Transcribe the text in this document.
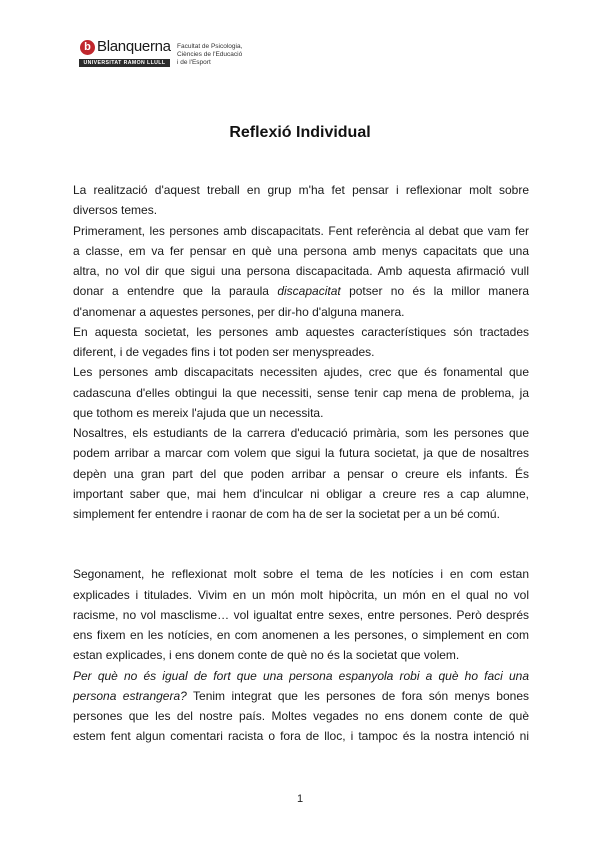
b Blanquerna
UNIVERSITAT RAMON LLULL
Facultat de Psicologia,
Ciències de l'Educació
i de l'Esport
Reflexió Individual

La realització d'aquest treball en grup m'ha fet pensar i reflexionar molt sobre
diversos temes.
Primerament, les persones amb discapacitats. Fent referència al debat que vam fer
a classe, em va fer pensar en què una persona amb menys capacitats que una
altra, no vol dir que sigui una persona discapacitada. Amb aquesta afirmació vull
donar a entendre que la paraula discapacitat potser no és la millor manera
d'anomenar a aquestes persones, per dir-ho d'alguna manera.
En aquesta societat, les persones amb aquestes característiques són tractades
diferent, i de vegades fins i tot poden ser menyspreades.
Les persones amb discapacitats necessiten ajudes, crec que és fonamental que
cadascuna d'elles obtingui la que necessiti, sense tenir cap mena de problema, ja
que tothom es mereix l'ajuda que un necessita.
Nosaltres, els estudiants de la carrera d'educació primària, som les persones que
podem arribar a marcar com volem que sigui la futura societat, ja que de nosaltres
depèn una gran part del que poden arribar a pensar o creure els infants. És
important saber que, mai hem d'inculcar ni obligar a creure res a cap alumne,
simplement fer entendre i raonar de com ha de ser la societat per a un bé comú.

Segonament, he reflexionat molt sobre el tema de les notícies i en com estan
explicades i titulades. Vivim en un món molt hipòcrita, un món en el qual no vol
racisme, no vol masclisme… vol igualtat entre sexes, entre persones. Però després
ens fixem en les notícies, en com anomenen a les persones, o simplement en com
estan explicades, i ens donem conte de què no és la societat que volem.
Per què no és igual de fort que una persona espanyola robi a què ho faci una
persona estrangera? Tenim integrat que les persones de fora són menys bones
persones que les del nostre país. Moltes vegades no ens donem conte de què
estem fent algun comentari racista o fora de lloc, i tampoc és la nostra intenció ni

1
